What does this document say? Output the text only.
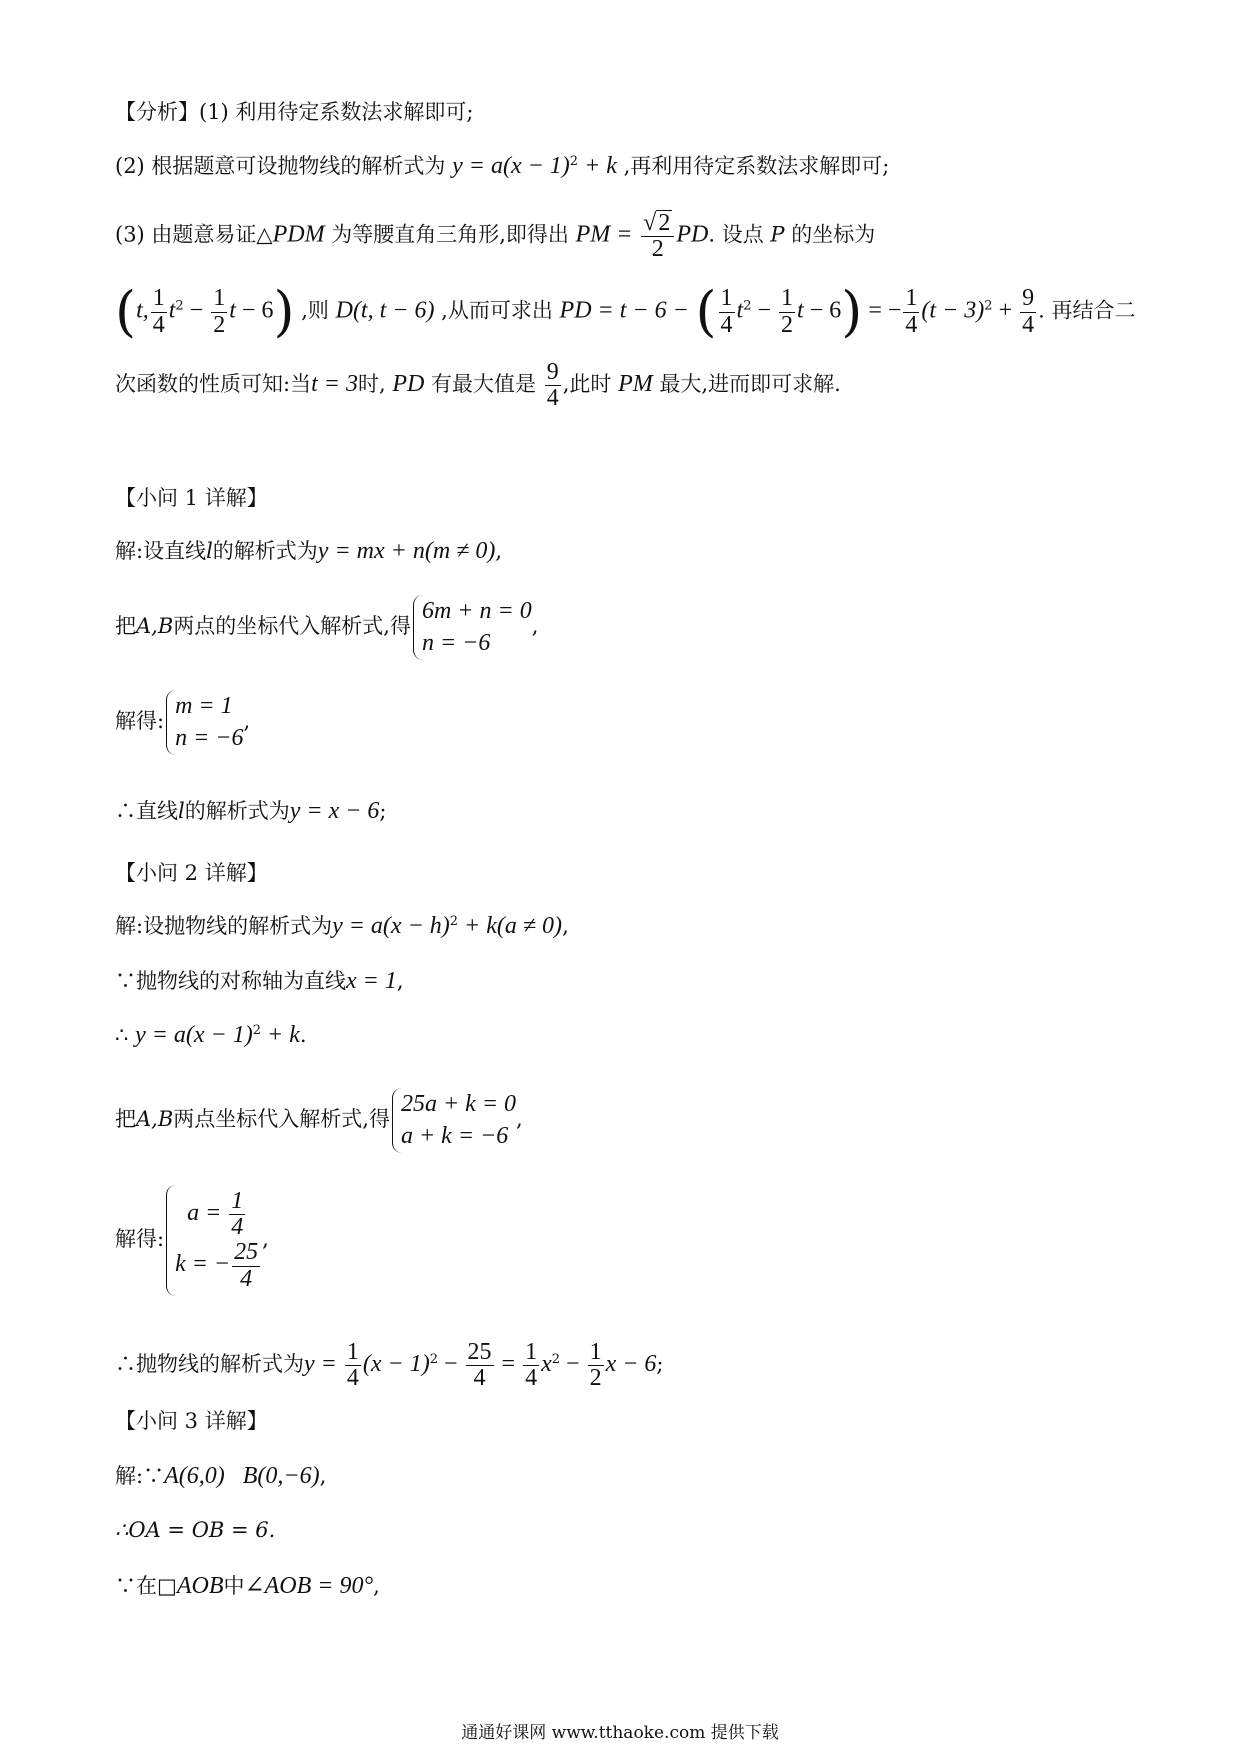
【分析】(1) 利用待定系数法求解即可;
(2) 根据题意可设抛物线的解析式为 $y = a(x - 1)^2 + k$ ,再利用待定系数法求解即可;
(3) 由题意易证△PDM 为等腰直角三角形,即得出 PM = $\frac{√2}{2}$ PD. 设点 P 的坐标为
(t, $\frac{1}{4} t^2 - \frac{1}{2}$ t − 6) ,则 D(t, t − 6) ,从而可求出 PD = t − 6 − ( $\frac{1}{4} t^2 - \frac{1}{2}$ t − 6) = − $\frac{1}{4} (t - 3)^2 + \frac{9}{4}$ . 再结合二
次函数的性质可知:当t = 3时, PD 有最大值是 $\frac{9}{4}$ ,此时 PM 最大,进而即可求解.
【小问 1 详解】
解:设直线l的解析式为y = mx + n(m ≠ 0),
把A,B两点的坐标代入解析式,得
6m + n = 0
n = −6
,
解得:
m = 1
n = −6
,
∴直线l的解析式为y = x − 6;
【小问 2 详解】
解:设抛物线的解析式为$y = a(x - h)^2 + k(a \ne 0)$,
∵抛物线的对称轴为直线x = 1,
∴ $y = a(x - 1)^2 + k$.
把A,B两点坐标代入解析式,得
25a + k = 0
a + k = −6
,
解得:
$a = \frac{1}{4}$
k = − $\frac{25}{4}$
,
∴抛物线的解析式为$y = \frac{1}{4} (x - 1)^2 - \frac{25}{4} = \frac{1}{4} x^2 - \frac{1}{2}$ x − 6;
【小问 3 详解】
解:∵A(6,0)   B(0,−6),
∴OA = OB = 6.
∵在□AOB中∠AOB = 90°,
通通好课网 www.tthaoke.com 提供下载
